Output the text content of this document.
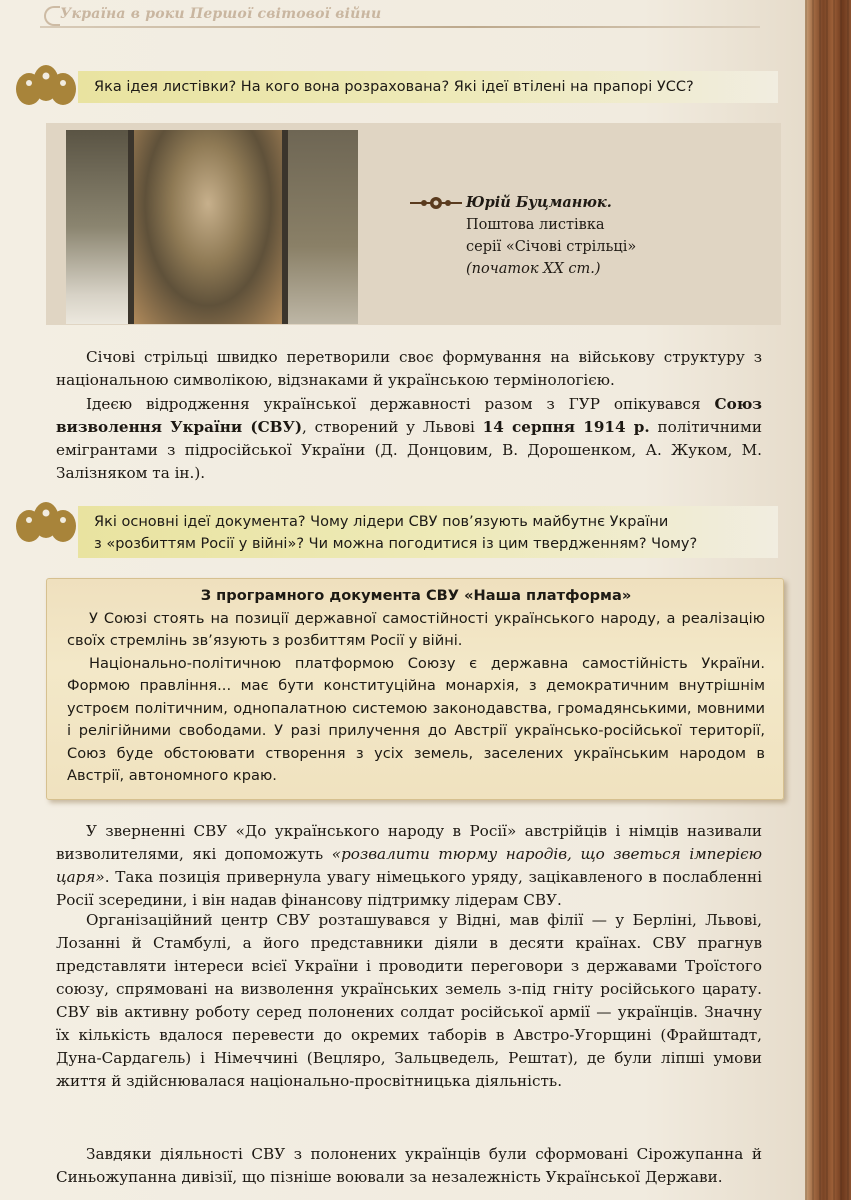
Україна в роки Першої світової війни
Яка ідея листівки? На кого вона розрахована? Які ідеї втілені на прапорі УСС?
Юрій Буцманюк.
Поштова листівка
серії «Січові стрільці»
(початок XX ст.)
Січові стрільці швидко перетворили своє формування на військову структуру з національною символікою, відзнаками й українською термінологією.
Ідеєю відродження української державності разом з ГУР опікувався Союз визволення України (СВУ), створений у Львові 14 серпня 1914 р. політичними емігрантами з підросійської України (Д. Донцовим, В. Дорошенком, А. Жуком, М. Залізняком та ін.).
Які основні ідеї документа? Чому лідери СВУ пов’язують майбутнє України
з «розбиттям Росії у війні»? Чи можна погодитися із цим твердженням? Чому?
З програмного документа СВУ «Наша платформа»
У Союзі стоять на позиції державної самостійності українського народу, а реалізацію своїх стремлінь зв’язують з розбиттям Росії у війні.
Національно-політичною платформою Союзу є державна самостійність України. Формою правління... має бути конституційна монархія, з демократичним внутрішнім устроєм політичним, однопалатною системою законодавства, громадянськими, мовними і релігійними свободами. У разі прилучення до Австрії українсько-російської території, Союз буде обстоювати створення з усіх земель, заселених українським народом в Австрії, автономного краю.
У зверненні СВУ «До українського народу в Росії» австрійців і німців називали визволителями, які допоможуть «розвалити тюрму народів, що зветься імперією царя». Така позиція привернула увагу німецького уряду, зацікавленого в послабленні Росії зсередини, і він надав фінансову підтримку лідерам СВУ.
Організаційний центр СВУ розташувався у Відні, мав філії — у Берліні, Львові, Лозанні й Стамбулі, а його представники діяли в десяти країнах. СВУ прагнув представляти інтереси всієї України і проводити переговори з державами Троїстого союзу, спрямовані на визволення українських земель з-під гніту російського царату. СВУ вів активну роботу серед полонених солдат російської армії — українців. Значну їх кількість вдалося перевести до окремих таборів в Австро-Угорщині (Фрайштадт, Дуна-Сардагель) і Німеччині (Вецляро, Зальцведель, Рештат), де були ліпші умови життя й здійснювалася національно-просвітницька діяльність.
Завдяки діяльності СВУ з полонених українців були сформовані Сірожупанна й Синьожупанна дивізії, що пізніше воювали за незалежність Української Держави.
